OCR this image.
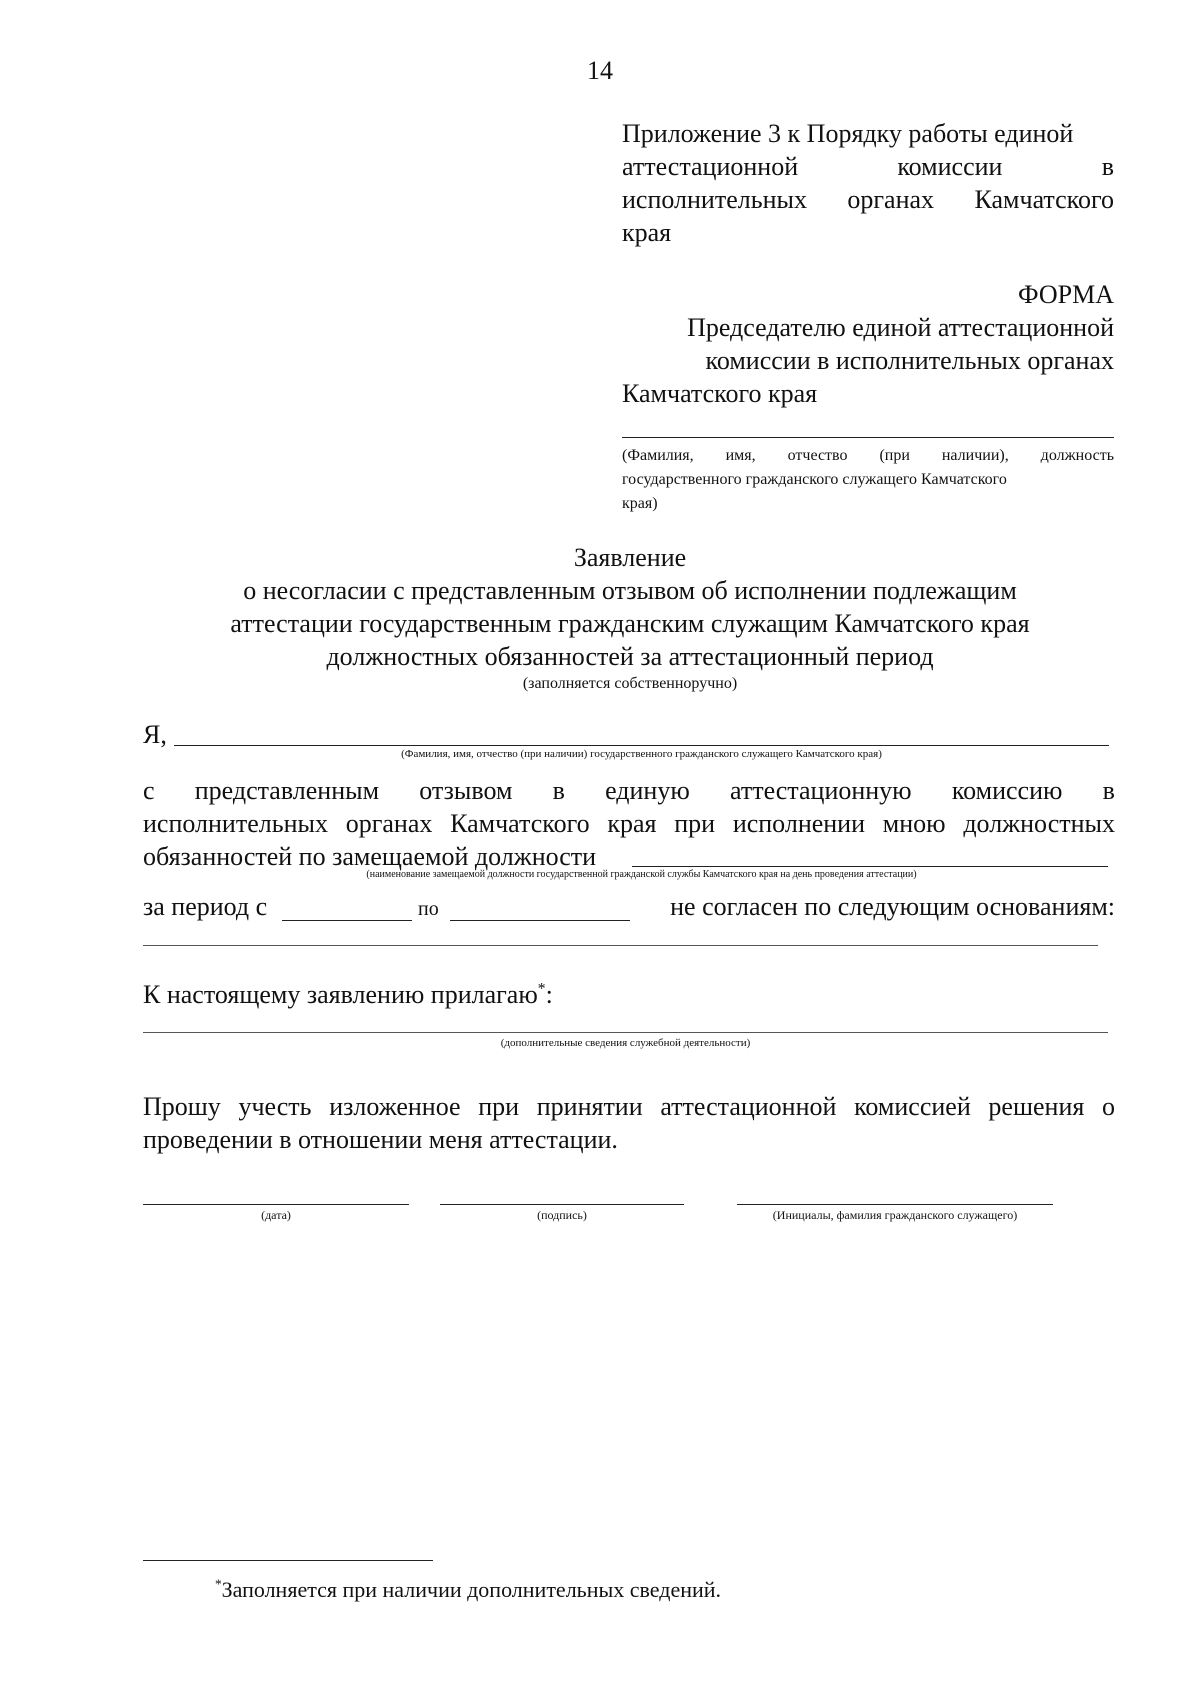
14
Приложение 3 к Порядку работы единой
аттестационной	комиссии	в
исполнительных органах Камчатского
края
ФОРМА
Председателю единой аттестационной
комиссии в исполнительных органах
Камчатского края
(Фамилия, имя, отчество (при наличии), должность
государственного гражданского служащего Камчатского
края)
Заявление
о несогласии с представленным отзывом об исполнении подлежащим
аттестации государственным гражданским служащим Камчатского края
должностных обязанностей за аттестационный период
(заполняется собственноручно)
Я,
(Фамилия, имя, отчество (при наличии) государственного гражданского служащего Камчатского края)
с представленным отзывом в единую аттестационную комиссию в
исполнительных органах Камчатского края при исполнении мною должностных
обязанностей по замещаемой должности
(наименование замещаемой должности государственной гражданской службы Камчатского края на день проведения аттестации)
за период с	по	не согласен по следующим основаниям:
К настоящему заявлению прилагаю*:
(дополнительные сведения служебной деятельности)
Прошу учесть изложенное при принятии аттестационной комиссией решения о
проведении в отношении меня аттестации.
(дата)	(подпись)	(Инициалы, фамилия гражданского служащего)
*Заполняется при наличии дополнительных сведений.
